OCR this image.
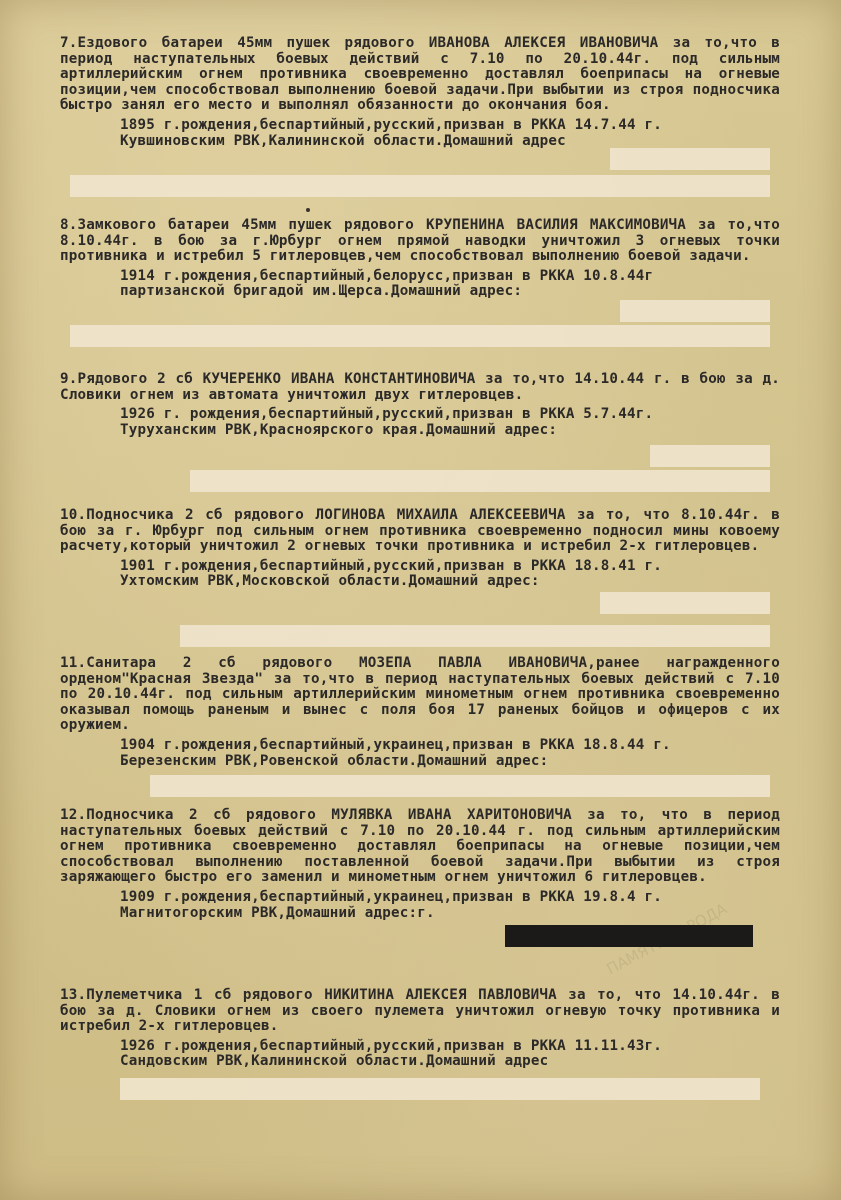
7.Ездового батареи 45мм пушек рядового ИВАНОВА АЛЕКСЕЯ ИВАНОВИЧА за то,что в период наступательных боевых действий с 7.10 по 20.10.44г. под сильным артиллерийским огнем противника своевременно доставлял боеприпасы на огневые позиции,чем способствовал выполнению боевой задачи.При выбытии из строя подносчика быстро занял его место и выполнял обязанности до окончания боя.

1895 г.рождения,беспартийный,русский,призван в РККА 14.7.44 г.
Кувшиновским РВК,Калининской области.Домашний адрес

8.Замкового батареи 45мм пушек рядового КРУПЕНИНА ВАСИЛИЯ МАКСИМОВИЧА за то,что 8.10.44г. в бою за г.Юрбург огнем прямой наводки уничтожил 3 огневых точки противника и истребил 5 гитлеровцев,чем способствовал выполнению боевой задачи.

1914 г.рождения,беспартийный,белорусс,призван в РККА 10.8.44г
партизанской бригадой им.Щерса.Домашний адрес:

9.Рядового 2 сб КУЧЕРЕНКО ИВАНА КОНСТАНТИНОВИЧА за то,что 14.10.44 г. в бою за д. Словики огнем из автомата уничтожил двух гитлеровцев.

1926 г. рождения,беспартийный,русский,призван в РККА 5.7.44г.
Туруханским РВК,Красноярского края.Домашний адрес:

10.Подносчика 2 сб рядового ЛОГИНОВА МИХАИЛА АЛЕКСЕЕВИЧА за то, что 8.10.44г. в бою за г. Юрбург под сильным огнем противника своевременно подносил мины ковоему расчету,который уничтожил 2 огневых точки противника и истребил 2-х гитлеровцев.

1901 г.рождения,беспартийный,русский,призван в РККА 18.8.41 г.
Ухтомским РВК,Московской области.Домашний адрес:

11.Санитара 2 сб рядового МОЗЕПА ПАВЛА ИВАНОВИЧА,ранее награжденного орденом"Красная Звезда" за то,что в период наступательных боевых действий с 7.10 по 20.10.44г. под сильным артиллерийским минометным огнем противника своевременно оказывал помощь раненым и вынес с поля боя 17 раненых бойцов и офицеров с их оружием.

1904 г.рождения,беспартийный,украинец,призван в РККА 18.8.44 г.
Березенским РВК,Ровенской области.Домашний адрес:

12.Подносчика 2 сб рядового МУЛЯВКА ИВАНА ХАРИТОНОВИЧА за то, что в период наступательных боевых действий с 7.10 по 20.10.44 г. под сильным артиллерийским огнем противника своевременно доставлял боеприпасы на огневые позиции,чем способствовал выполнению поставленной боевой задачи.При выбытии из строя заряжающего быстро его заменил и минометным огнем уничтожил 6 гитлеровцев.

1909 г.рождения,беспартийный,украинец,призван в РККА 19.8.4 г.
Магнитогорским РВК,Домашний адрес:г.

13.Пулеметчика 1 сб рядового НИКИТИНА АЛЕКСЕЯ ПАВЛОВИЧА за то, что 14.10.44г. в бою за д. Словики огнем из своего пулемета уничтожил огневую точку противника и истребил 2-х гитлеровцев.

1926 г.рождения,беспартийный,русский,призван в РККА 11.11.43г.
Сандовским РВК,Калининской области.Домашний адрес
